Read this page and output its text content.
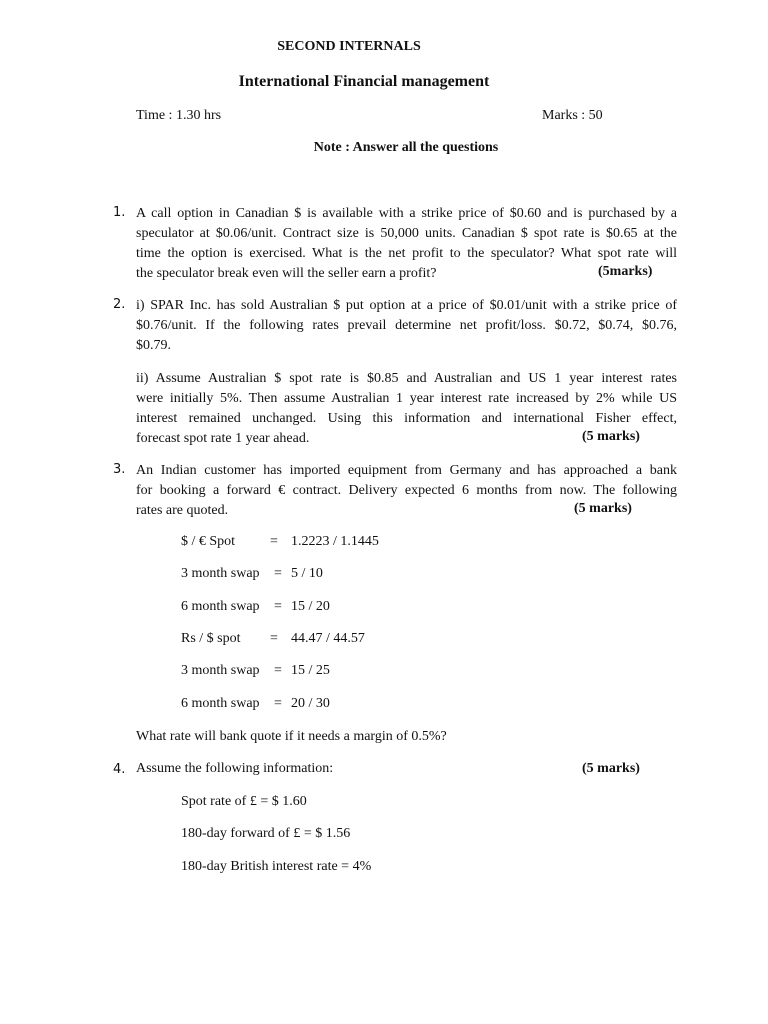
SECOND INTERNALS
International Financial management
Time : 1.30 hrs	Marks : 50
Note : Answer all the questions
1. A call option in Canadian $ is available with a strike price of $0.60 and is purchased by a
speculator at $0.06/unit. Contract size is 50,000 units. Canadian $ spot rate is $0.65 at the
time the option is exercised. What is the net profit to the speculator? What spot rate will
the speculator break even will the seller earn a profit?	(5marks)
2. i) SPAR Inc. has sold Australian $ put option at a price of $0.01/unit with a strike price of
$0.76/unit. If the following rates prevail determine net profit/loss. $0.72, $0.74, $0.76,
$0.79.
ii) Assume Australian $ spot rate is $0.85 and Australian and US 1 year interest rates
were initially 5%. Then assume Australian 1 year interest rate increased by 2% while US
interest remained unchanged. Using this information and international Fisher effect,
forecast spot rate 1 year ahead.	(5 marks)
3. An Indian customer has imported equipment from Germany and has approached a bank
for booking a forward € contract. Delivery expected 6 months from now. The following
rates are quoted.	(5 marks)
$ / € Spot = 1.2223 / 1.1445
3 month swap = 5 / 10
6 month swap = 15 / 20
Rs / $ spot = 44.47 / 44.57
3 month swap = 15 / 25
6 month swap = 20 / 30
What rate will bank quote if it needs a margin of 0.5%?
4. Assume the following information:	(5 marks)
Spot rate of £ = $ 1.60
180-day forward of £ = $ 1.56
180-day British interest rate = 4%
